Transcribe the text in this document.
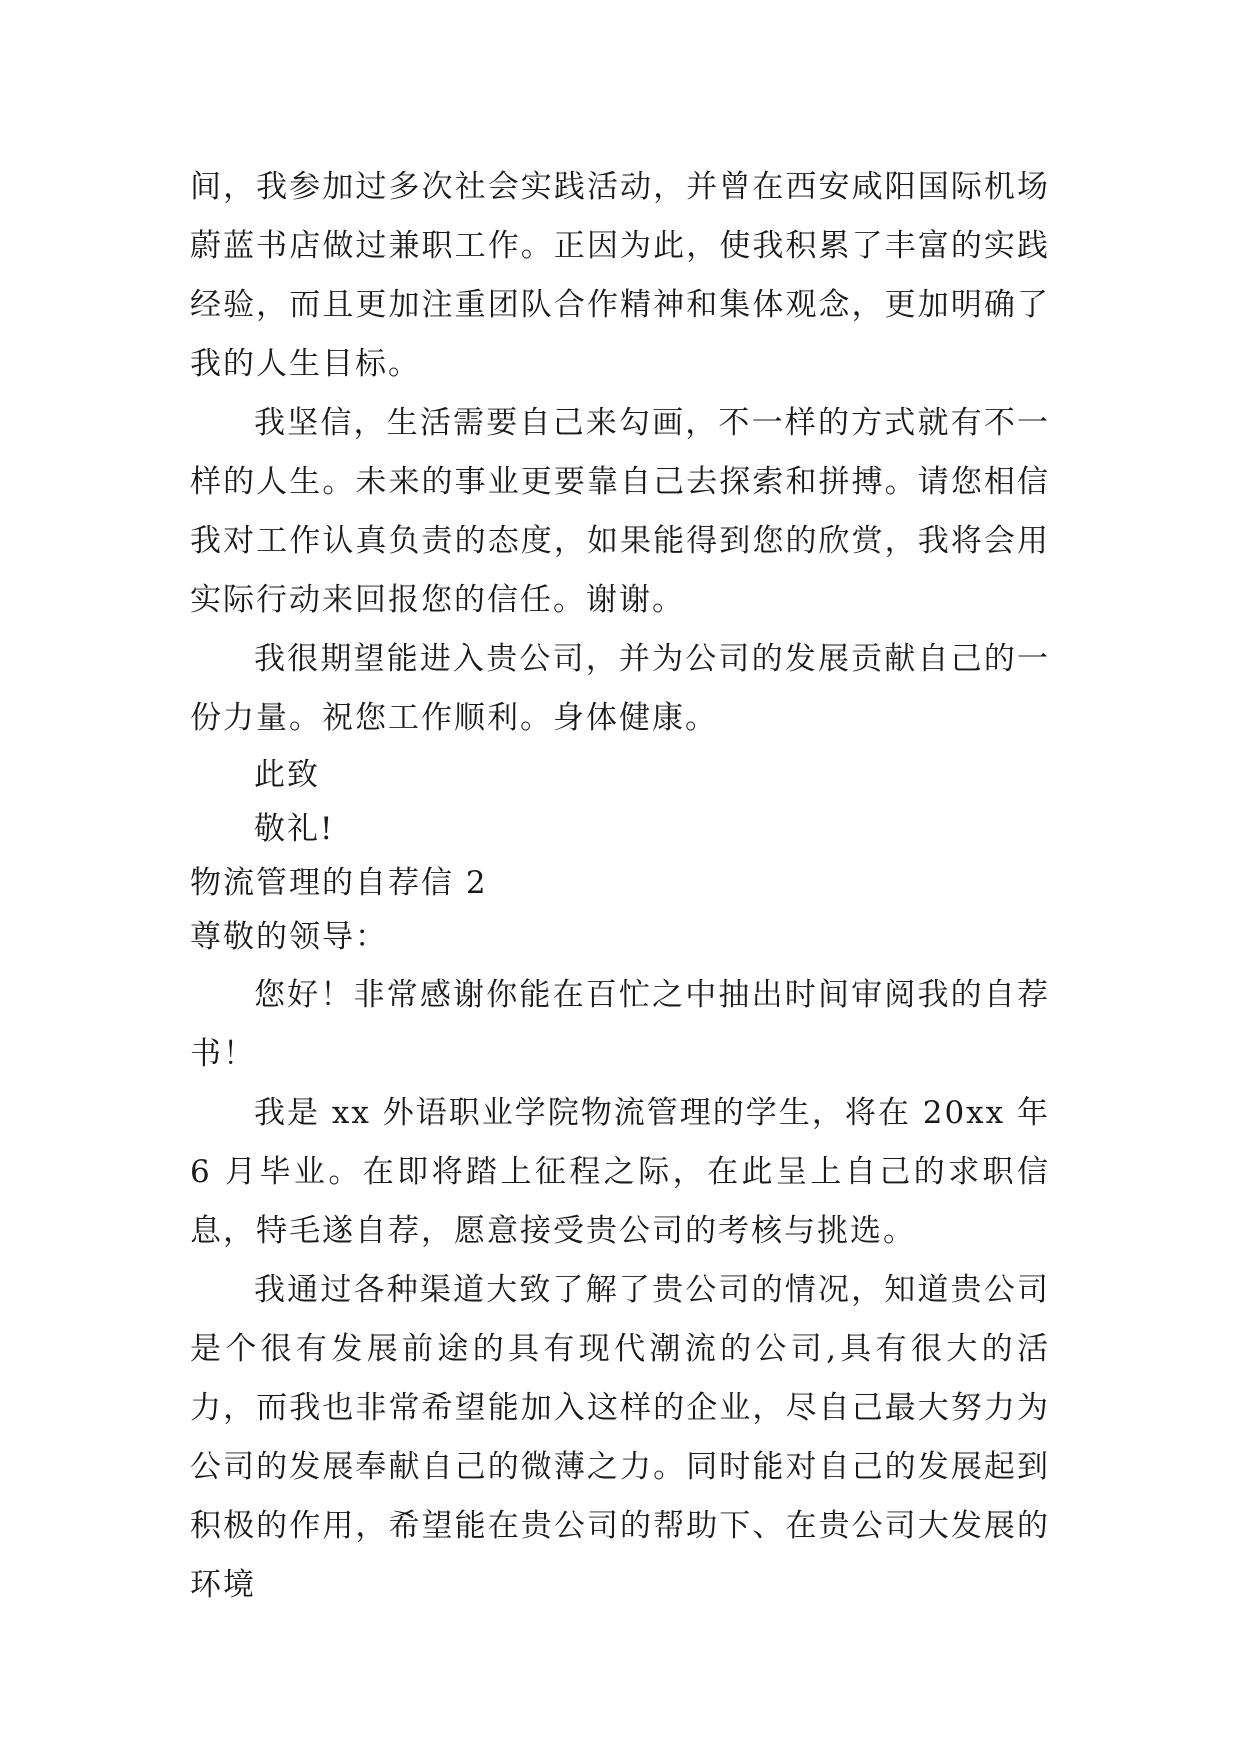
间，我参加过多次社会实践活动，并曾在西安咸阳国际机场蔚蓝书店做过兼职工作。正因为此，使我积累了丰富的实践经验，而且更加注重团队合作精神和集体观念，更加明确了我的人生目标。

我坚信，生活需要自己来勾画，不一样的方式就有不一样的人生。未来的事业更要靠自己去探索和拼搏。请您相信我对工作认真负责的态度，如果能得到您的欣赏，我将会用实际行动来回报您的信任。谢谢。

我很期望能进入贵公司，并为公司的发展贡献自己的一份力量。祝您工作顺利。身体健康。

此致

敬礼!

物流管理的自荐信 2

尊敬的领导：

您好！非常感谢你能在百忙之中抽出时间审阅我的自荐书！

我是 xx 外语职业学院物流管理的学生，将在 20xx 年 6 月毕业。在即将踏上征程之际，在此呈上自己的求职信息，特毛遂自荐，愿意接受贵公司的考核与挑选。

我通过各种渠道大致了解了贵公司的情况，知道贵公司是个很有发展前途的具有现代潮流的公司,具有很大的活力，而我也非常希望能加入这样的企业，尽自己最大努力为公司的发展奉献自己的微薄之力。同时能对自己的发展起到积极的作用，希望能在贵公司的帮助下、在贵公司大发展的环境
